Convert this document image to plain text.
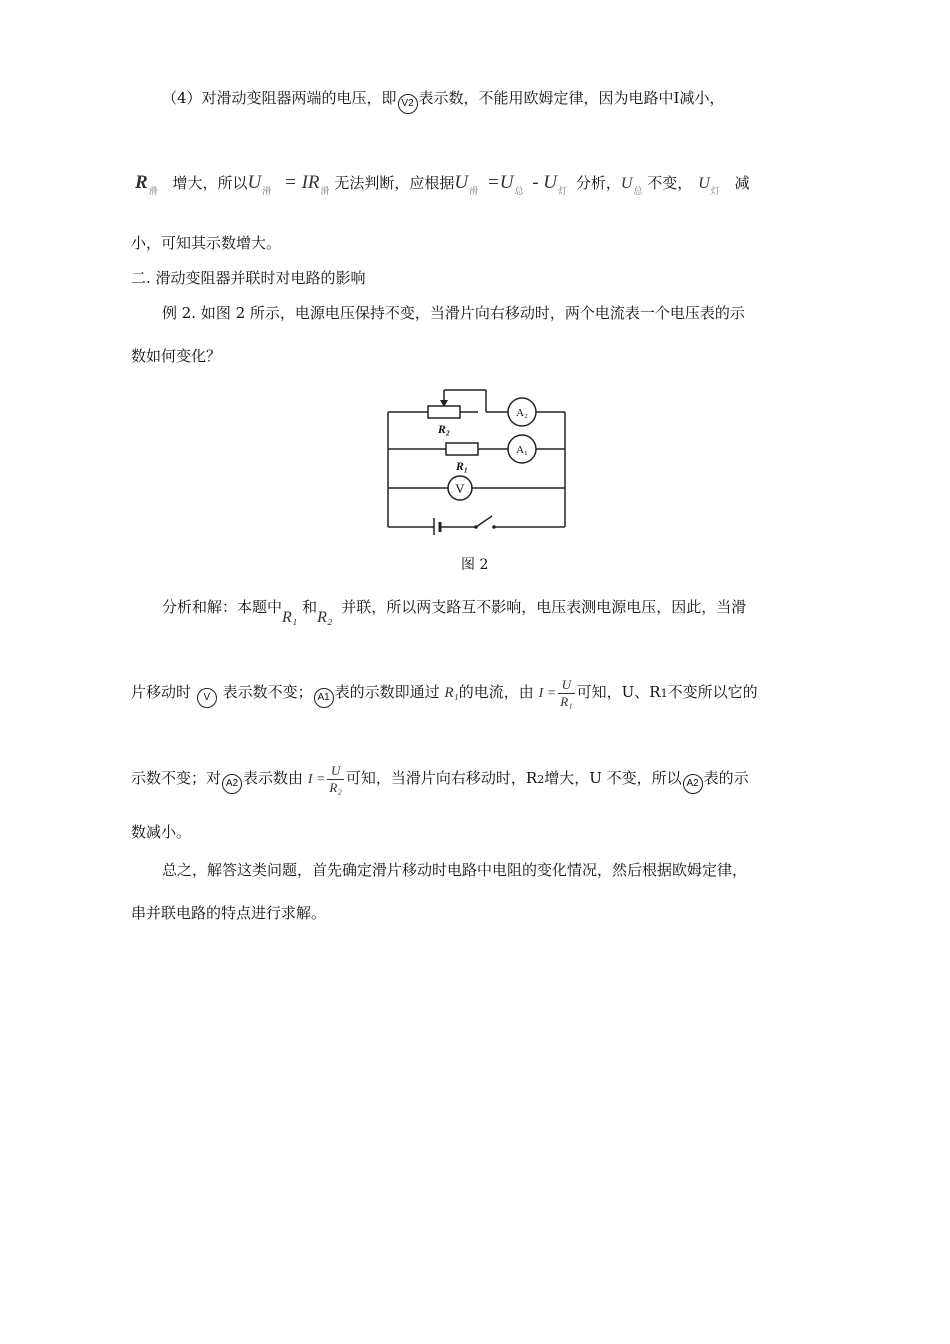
（4）对滑动变阻器两端的电压，即 V2 表示数，不能用欧姆定律，因为电路中Ⅰ减小，
$R_滑$ 增大，所以$U_滑 = IR_滑$ 无法判断，应根据$U_滑 =U_总 - U_灯$ 分析，$U_总$ 不变， $U_灯$ 减
小，可知其示数增大。
二. 滑动变阻器并联时对电路的影响
例 2. 如图 2 所示，电源电压保持不变，当滑片向右移动时，两个电流表一个电压表的示
数如何变化？
A₂
A₁
V
R₂
R₁
图 2
分析和解：本题中R₁ 和R₂ 并联，所以两支路互不影响，电压表测电源电压，因此，当滑
片移动时 V 表示数不变； A1 表的示数即通过 R₁的电流，由 $I = \frac{U}{\text{R₁}}$ 可知，U、R1不变所以它的
示数不变；对 A2 表示数由 $I = \frac{U}{\text{R₂}}$ 可知，当滑片向右移动时，R2增大，U 不变，所以 A2 表的示
数减小。
总之，解答这类问题，首先确定滑片移动时电路中电阻的变化情况，然后根据欧姆定律，
串并联电路的特点进行求解。
